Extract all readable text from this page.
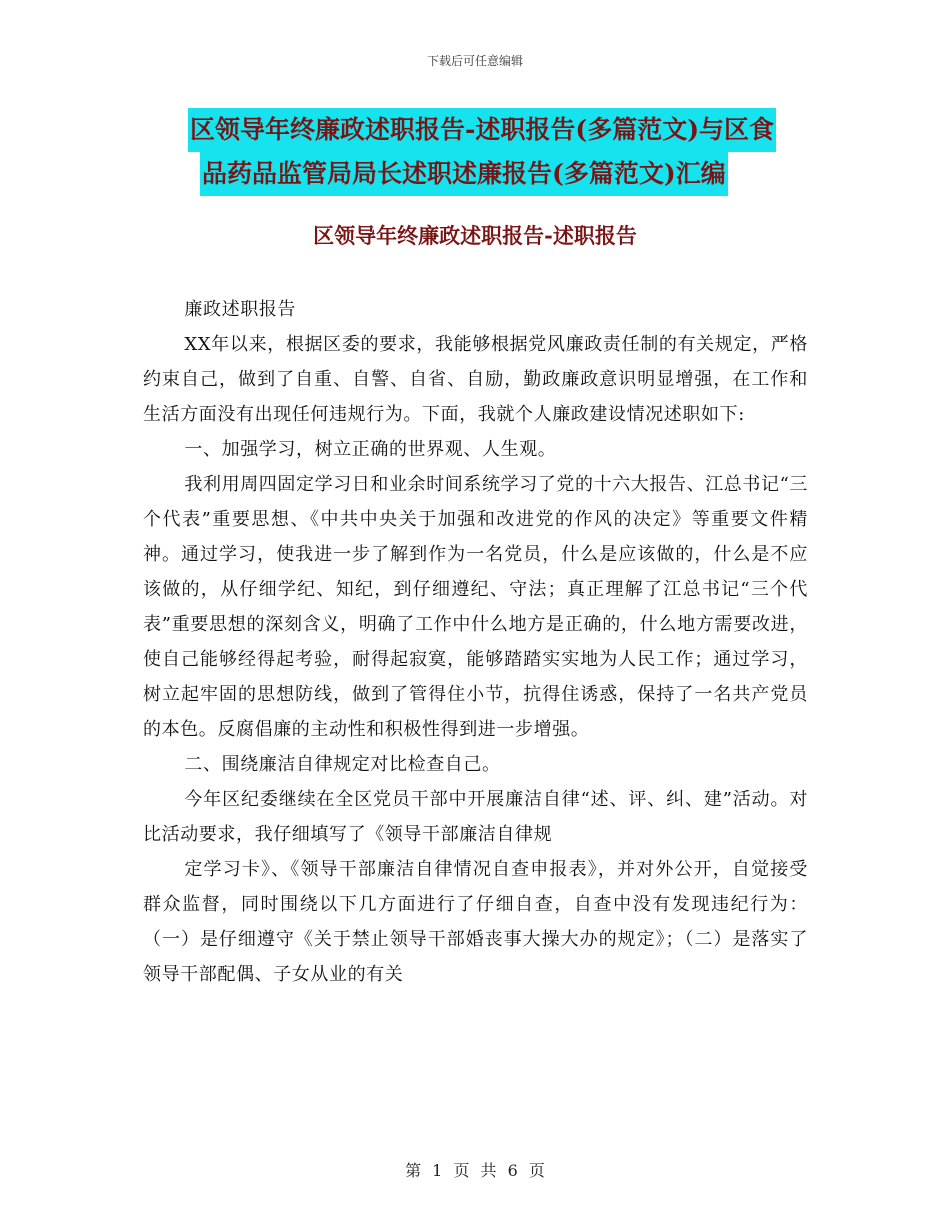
下载后可任意编辑
区领导年终廉政述职报告-述职报告(多篇范文)与区食
品药品监管局局长述职述廉报告(多篇范文)汇编
区领导年终廉政述职报告-述职报告

廉政述职报告

XX年以来，根据区委的要求，我能够根据党风廉政责任制的有关规定，严格约束自己，做到了自重、自警、自省、自励，勤政廉政意识明显增强，在工作和生活方面没有出现任何违规行为。下面，我就个人廉政建设情况述职如下:

一、加强学习，树立正确的世界观、人生观。

我利用周四固定学习日和业余时间系统学习了党的十六大报告、江总书记“三个代表”重要思想、《中共中央关于加强和改进党的作风的决定》等重要文件精神。通过学习，使我进一步了解到作为一名党员，什么是应该做的，什么是不应该做的，从仔细学纪、知纪，到仔细遵纪、守法；真正理解了江总书记“三个代表”重要思想的深刻含义，明确了工作中什么地方是正确的，什么地方需要改进，使自己能够经得起考验，耐得起寂寞，能够踏踏实实地为人民工作；通过学习，树立起牢固的思想防线，做到了管得住小节，抗得住诱惑，保持了一名共产党员的本色。反腐倡廉的主动性和积极性得到进一步增强。

二、围绕廉洁自律规定对比检查自己。

今年区纪委继续在全区党员干部中开展廉洁自律“述、评、纠、建”活动。对比活动要求，我仔细填写了《领导干部廉洁自律规

定学习卡》、《领导干部廉洁自律情况自查申报表》，并对外公开，自觉接受群众监督，同时围绕以下几方面进行了仔细自查，自查中没有发现违纪行为：（一）是仔细遵守《关于禁止领导干部婚丧事大操大办的规定》；（二）是落实了领导干部配偶、子女从业的有关

第 1 页 共 6 页
